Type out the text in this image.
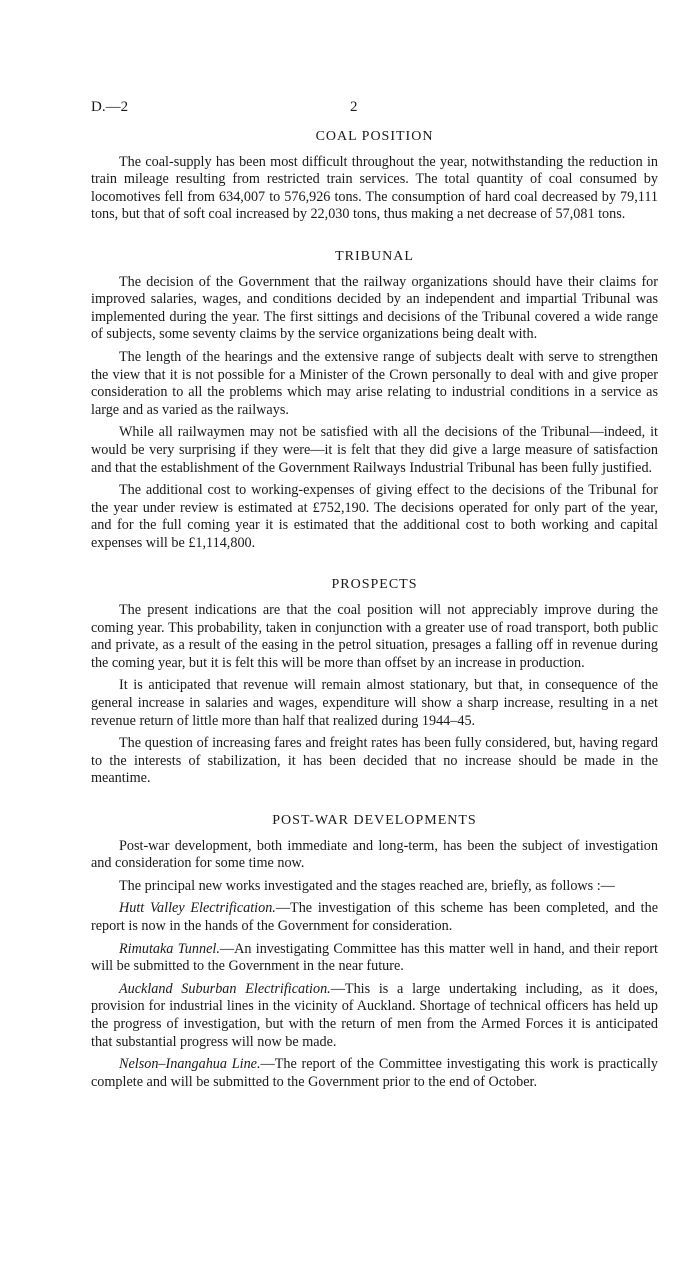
D.—2	2
COAL POSITION

The coal-supply has been most difficult throughout the year, notwithstanding the reduction in train mileage resulting from restricted train services. The total quantity of coal consumed by locomotives fell from 634,007 to 576,926 tons. The consumption of hard coal decreased by 79,111 tons, but that of soft coal increased by 22,030 tons, thus making a net decrease of 57,081 tons.

TRIBUNAL

The decision of the Government that the railway organizations should have their claims for improved salaries, wages, and conditions decided by an independent and impartial Tribunal was implemented during the year. The first sittings and decisions of the Tribunal covered a wide range of subjects, some seventy claims by the service organizations being dealt with.

The length of the hearings and the extensive range of subjects dealt with serve to strengthen the view that it is not possible for a Minister of the Crown personally to deal with and give proper consideration to all the problems which may arise relating to industrial conditions in a service as large and as varied as the railways.

While all railwaymen may not be satisfied with all the decisions of the Tribunal—indeed, it would be very surprising if they were—it is felt that they did give a large measure of satisfaction and that the establishment of the Government Railways Industrial Tribunal has been fully justified.

The additional cost to working-expenses of giving effect to the decisions of the Tribunal for the year under review is estimated at £752,190. The decisions operated for only part of the year, and for the full coming year it is estimated that the additional cost to both working and capital expenses will be £1,114,800.

PROSPECTS

The present indications are that the coal position will not appreciably improve during the coming year. This probability, taken in conjunction with a greater use of road transport, both public and private, as a result of the easing in the petrol situation, presages a falling off in revenue during the coming year, but it is felt this will be more than offset by an increase in production.

It is anticipated that revenue will remain almost stationary, but that, in consequence of the general increase in salaries and wages, expenditure will show a sharp increase, resulting in a net revenue return of little more than half that realized during 1944–45.

The question of increasing fares and freight rates has been fully considered, but, having regard to the interests of stabilization, it has been decided that no increase should be made in the meantime.

POST-WAR DEVELOPMENTS

Post-war development, both immediate and long-term, has been the subject of investigation and consideration for some time now.

The principal new works investigated and the stages reached are, briefly, as follows :—

Hutt Valley Electrification.—The investigation of this scheme has been completed, and the report is now in the hands of the Government for consideration.

Rimutaka Tunnel.—An investigating Committee has this matter well in hand, and their report will be submitted to the Government in the near future.

Auckland Suburban Electrification.—This is a large undertaking including, as it does, provision for industrial lines in the vicinity of Auckland. Shortage of technical officers has held up the progress of investigation, but with the return of men from the Armed Forces it is anticipated that substantial progress will now be made.

Nelson–Inangahua Line.—The report of the Committee investigating this work is practically complete and will be submitted to the Government prior to the end of October.
